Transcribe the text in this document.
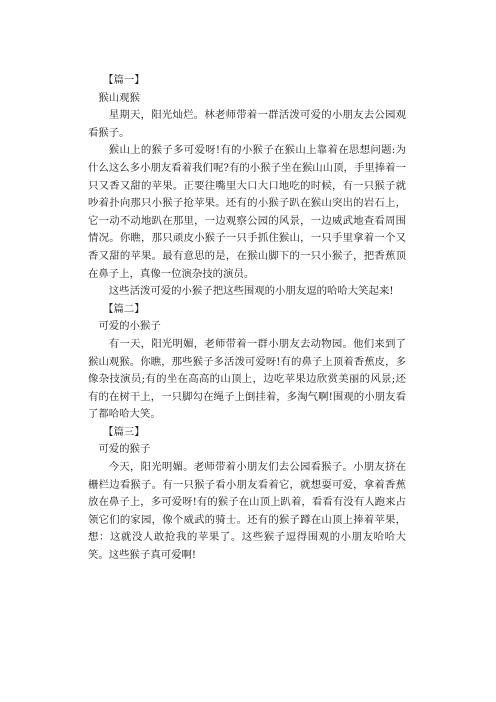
【篇一】

猴山观猴

星期天，阳光灿烂。林老师带着一群活泼可爱的小朋友去公园观看猴子。

猴山上的猴子多可爱呀!有的小猴子在猴山上靠着在思想问题:为什么这么多小朋友看着我们呢?有的小猴子坐在猴山山顶，手里捧着一只又香又甜的苹果。正要往嘴里大口大口地吃的时候，有一只猴子就吵着扑向那只小猴子抢苹果。还有的小猴子趴在猴山突出的岩石上，它一动不动地趴在那里，一边观察公园的风景，一边威武地查看周围情况。你瞧，那只顽皮小猴子一只手抓住猴山，一只手里拿着一个又香又甜的苹果。最有意思的是，在猴山脚下的一只小猴子，把香蕉顶在鼻子上，真像一位演杂技的演员。

这些活泼可爱的小猴子把这些围观的小朋友逗的哈哈大笑起来!

【篇二】

可爱的小猴子

有一天，阳光明媚，老师带着一群小朋友去动物园。他们来到了猴山观猴。你瞧，那些猴子多活泼可爱呀!有的鼻子上顶着香蕉皮，多像杂技演员;有的坐在高高的山顶上，边吃苹果边欣赏美丽的风景;还有的在树干上，一只脚勾在绳子上倒挂着，多淘气啊!围观的小朋友看了都哈哈大笑。

【篇三】

可爱的猴子

今天，阳光明媚。老师带着小朋友们去公园看猴子。小朋友挤在栅栏边看猴子。有一只猴子看小朋友看着它，就想耍可爱，拿着香蕉放在鼻子上，多可爱呀!有的猴子在山顶上趴着，看看有没有人跑来占领它们的家园，像个威武的骑士。还有的猴子蹲在山顶上捧着苹果，想：这就没人敢抢我的苹果了。这些猴子逗得围观的小朋友哈哈大笑。这些猴子真可爱啊!
